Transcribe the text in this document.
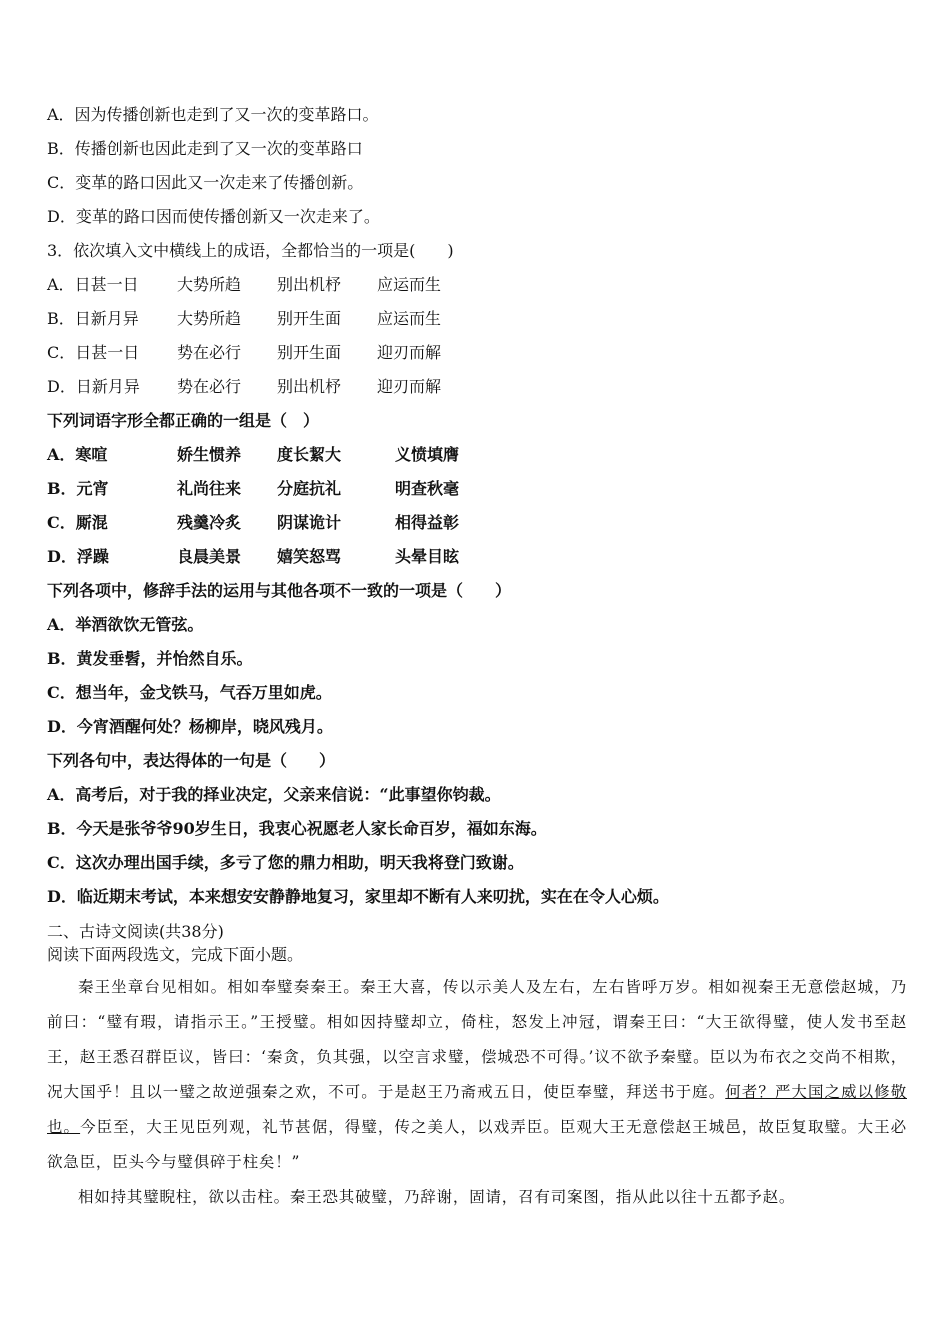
A．因为传播创新也走到了又一次的变革路口。
B．传播创新也因此走到了又一次的变革路口
C．变革的路口因此又一次走来了传播创新。
D．变革的路口因而使传播创新又一次走来了。
3．依次填入文中横线上的成语，全都恰当的一项是(　　)
A．日甚一日	大势所趋	别出机杼	应运而生
B．日新月异	大势所趋	别开生面	应运而生
C．日甚一日	势在必行	别开生面	迎刃而解
D．日新月异	势在必行	别出机杼	迎刃而解
下列词语字形全都正确的一组是（　）
A．寒喧	娇生惯养	度长絜大	义愤填膺
B．元宵	礼尚往来	分庭抗礼	明查秋毫
C．厮混	残羹冷炙	阴谋诡计	相得益彰
D．浮躁	良晨美景	嬉笑怒骂	头晕目眩
下列各项中，修辞手法的运用与其他各项不一致的一项是（　　）
A．举酒欲饮无管弦。
B．黄发垂髫，并怡然自乐。
C．想当年，金戈铁马，气吞万里如虎。
D．今宵酒醒何处？杨柳岸，晓风残月。
下列各句中，表达得体的一句是（　　）
A．高考后，对于我的择业决定，父亲来信说：“此事望你钧裁。
B．今天是张爷爷90岁生日，我衷心祝愿老人家长命百岁，福如东海。
C．这次办理出国手续，多亏了您的鼎力相助，明天我将登门致谢。
D．临近期末考试，本来想安安静静地复习，家里却不断有人来叨扰，实在在令人心烦。
二、古诗文阅读(共38分)
阅读下面两段选文，完成下面小题。

秦王坐章台见相如。相如奉璧奏秦王。秦王大喜，传以示美人及左右，左右皆呼万岁。相如视秦王无意偿赵城，乃前曰：“璧有瑕，请指示王。”王授璧。相如因持璧却立，倚柱，怒发上冲冠，谓秦王曰：“大王欲得璧，使人发书至赵王，赵王悉召群臣议，皆曰：‘秦贪，负其强，以空言求璧，偿城恐不可得。’议不欲予秦璧。臣以为布衣之交尚不相欺，况大国乎！且以一璧之故逆强秦之欢，不可。于是赵王乃斋戒五日，使臣奉璧，拜送书于庭。何者？严大国之威以修敬也。今臣至，大王见臣列观，礼节甚倨，得璧，传之美人，以戏弄臣。臣观大王无意偿赵王城邑，故臣复取璧。大王必欲急臣，臣头今与璧俱碎于柱矣！”

相如持其璧睨柱，欲以击柱。秦王恐其破璧，乃辞谢，固请，召有司案图，指从此以往十五都予赵。
